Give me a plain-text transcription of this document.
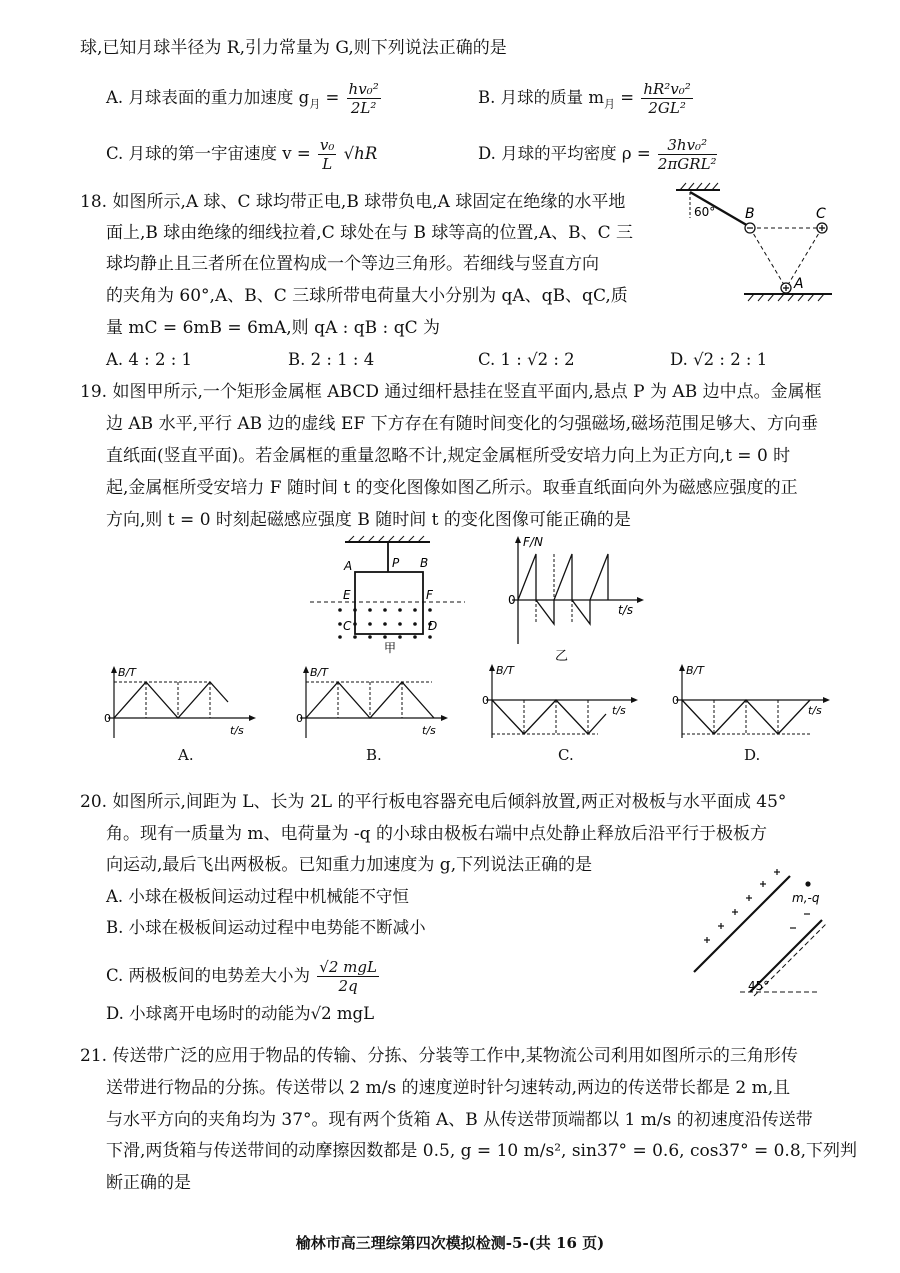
球,已知月球半径为 R,引力常量为 G,则下列说法正确的是
A. 月球表面的重力加速度 $g_月 = \frac{\text{hv₀²}}{\text{2L²}}$	B. 月球的质量 $m_月 = \frac{\text{hR²v₀²}}{\text{2GL²}}$
C. 月球的第一宇宙速度 $v = \frac{\text{v₀}}{L} √hR$	D. 月球的平均密度 $\rho = \frac{\text{3hv₀²}}{\text{2πGRL²}}$
18. 如图所示,A 球、C 球均带正电,B 球带负电,A 球固定在绝缘的水平地
面上,B 球由绝缘的细线拉着,C 球处在与 B 球等高的位置,A、B、C 三
球均静止且三者所在位置构成一个等边三角形。若细线与竖直方向
的夹角为 60°,A、B、C 三球所带电荷量大小分别为 qA、qB、qC,质
量 mC = 6mB = 6mA,则 qA : qB : qC 为
A. 4 : 2 : 1	B. 2 : 1 : 4	C. 1 : √2 : 2	D. √2 : 2 : 1
60° B	C
A
19. 如图甲所示,一个矩形金属框 ABCD 通过细杆悬挂在竖直平面内,悬点 P 为 AB 边中点。金属框
边 AB 水平,平行 AB 边的虚线 EF 下方存在有随时间变化的匀强磁场,磁场范围足够大、方向垂
直纸面(竖直平面)。若金属框的重量忽略不计,规定金属框所受安培力向上为正方向,t = 0 时
起,金属框所受安培力 F 随时间 t 的变化图像如图乙所示。取垂直纸面向外为磁感应强度的正
方向,则 t = 0 时刻起磁感应强度 B 随时间 t 的变化图像可能正确的是
P
A	B
E	F
C	D
甲
F/N
t/s
0
乙
B/T
t/s
0
A.
B/T
t/s
0
B.
B/T
t/s
0
C.
B/T
t/s
0
D.
20. 如图所示,间距为 L、长为 2L 的平行板电容器充电后倾斜放置,两正对极板与水平面成 45°
角。现有一质量为 m、电荷量为 -q 的小球由极板右端中点处静止释放后沿平行于极板方
向运动,最后飞出两极板。已知重力加速度为 g,下列说法正确的是
A. 小球在极板间运动过程中机械能不守恒
B. 小球在极板间运动过程中电势能不断减小
C. 两极板间的电势差大小为 $\frac{\text{√2 mgL}}{2q}$
D. 小球离开电场时的动能为√2 mgL
m,-q
45°
21. 传送带广泛的应用于物品的传输、分拣、分装等工作中,某物流公司利用如图所示的三角形传
送带进行物品的分拣。传送带以 2 m/s 的速度逆时针匀速转动,两边的传送带长都是 2 m,且
与水平方向的夹角均为 37°。现有两个货箱 A、B 从传送带顶端都以 1 m/s 的初速度沿传送带
下滑,两货箱与传送带间的动摩擦因数都是 0.5, g = 10 m/s², sin37° = 0.6, cos37° = 0.8,下列判
断正确的是
榆林市高三理综第四次模拟检测-5-(共 16 页)
